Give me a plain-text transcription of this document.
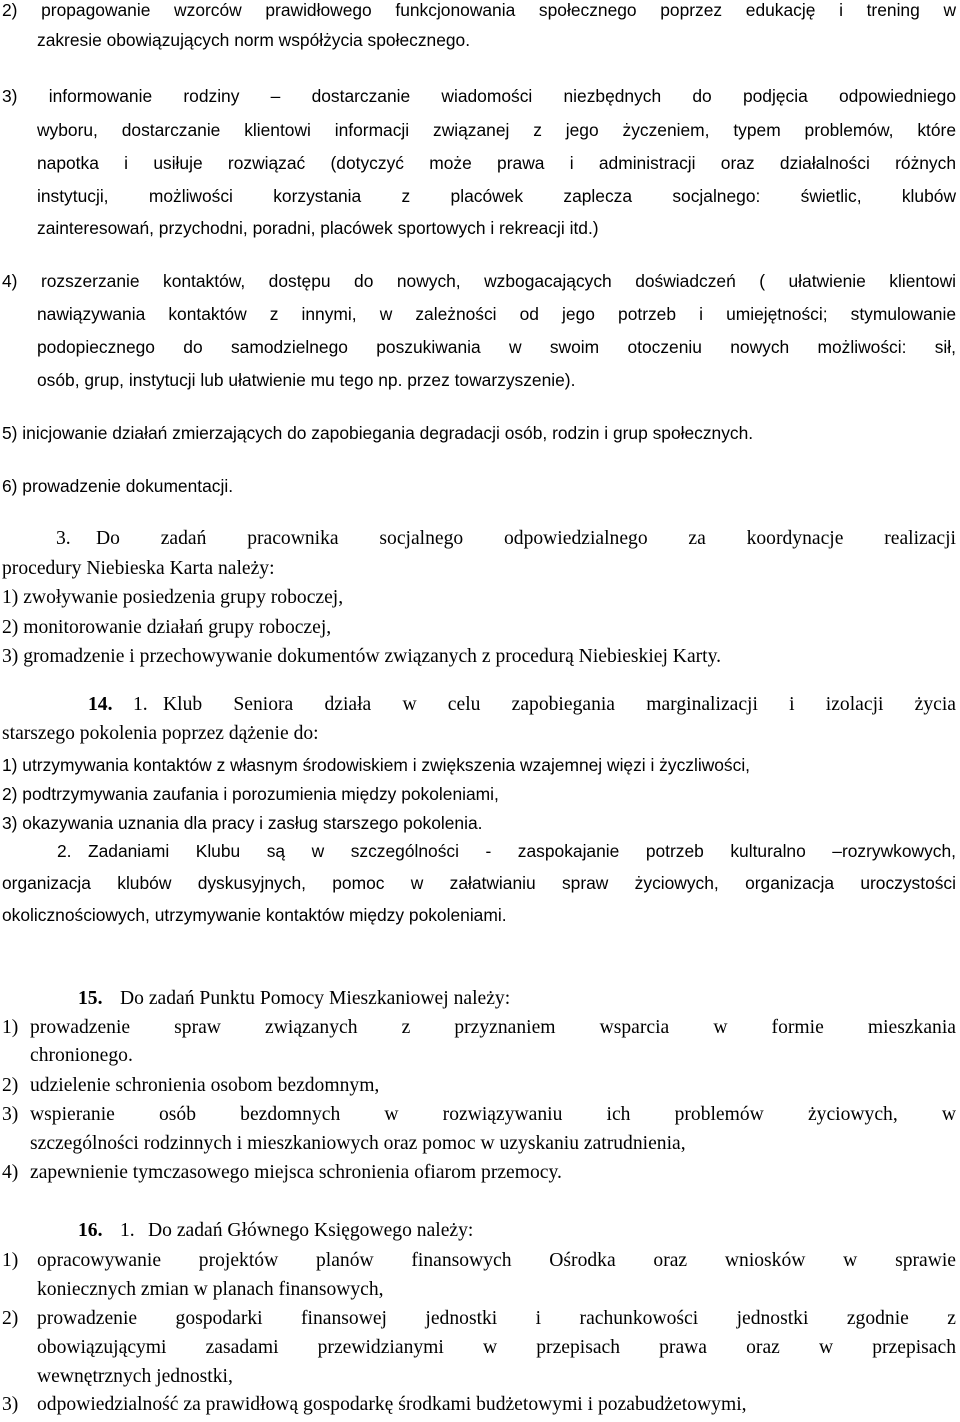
2) propagowanie wzorców prawidłowego funkcjonowania społecznego poprzez edukację i trening w
zakresie obowiązujących norm współżycia społecznego.
3) informowanie rodziny – dostarczanie wiadomości niezbędnych do podjęcia odpowiedniego
wyboru, dostarczanie klientowi informacji związanej z jego życzeniem, typem problemów, które
napotka i usiłuje rozwiązać (dotyczyć może prawa i administracji oraz działalności różnych
instytucji, możliwości korzystania z placówek zaplecza socjalnego: świetlic, klubów
zainteresowań, przychodni, poradni, placówek sportowych i rekreacji itd.)
4) rozszerzanie kontaktów, dostępu do nowych, wzbogacających doświadczeń ( ułatwienie klientowi
nawiązywania kontaktów z innymi, w zależności od jego potrzeb i umiejętności; stymulowanie
podopiecznego do samodzielnego poszukiwania w swoim otoczeniu nowych możliwości: sił,
osób, grup, instytucji lub ułatwienie mu tego np. przez towarzyszenie).
5) inicjowanie działań zmierzających do zapobiegania degradacji osób, rodzin i grup społecznych.
6) prowadzenie dokumentacji.
3. Do zadań pracownika socjalnego odpowiedzialnego za koordynacje realizacji
procedury Niebieska Karta należy:
1) zwoływanie posiedzenia grupy roboczej,
2) monitorowanie działań grupy roboczej,
3) gromadzenie i przechowywanie dokumentów związanych z procedurą Niebieskiej Karty.
14. 1. Klub Seniora działa w celu zapobiegania marginalizacji i izolacji życia
starszego pokolenia poprzez dążenie do:
1) utrzymywania kontaktów z własnym środowiskiem i zwiększenia wzajemnej więzi i życzliwości,
2) podtrzymywania zaufania i porozumienia między pokoleniami,
3) okazywania uznania dla pracy i zasług starszego pokolenia.
2. Zadaniami Klubu są w szczególności - zaspokajanie potrzeb kulturalno –rozrywkowych,
organizacja klubów dyskusyjnych, pomoc w załatwianiu spraw życiowych, organizacja uroczystości
okolicznościowych, utrzymywanie kontaktów między pokoleniami.
15. Do zadań Punktu Pomocy Mieszkaniowej należy:
1) prowadzenie spraw związanych z przyznaniem wsparcia w formie mieszkania
chronionego.
2) udzielenie schronienia osobom bezdomnym,
3) wspieranie osób bezdomnych w rozwiązywaniu ich problemów życiowych, w
szczególności rodzinnych i mieszkaniowych oraz pomoc w uzyskaniu zatrudnienia,
4) zapewnienie tymczasowego miejsca schronienia ofiarom przemocy.
16. 1. Do zadań Głównego Księgowego należy:
1) opracowywanie projektów planów finansowych Ośrodka oraz wniosków w sprawie
koniecznych zmian w planach finansowych,
2) prowadzenie gospodarki finansowej jednostki i rachunkowości jednostki zgodnie z
obowiązującymi zasadami przewidzianymi w przepisach prawa oraz w przepisach
wewnętrznych jednostki,
3) odpowiedzialność za prawidłową gospodarkę środkami budżetowymi i pozabudżetowymi,
